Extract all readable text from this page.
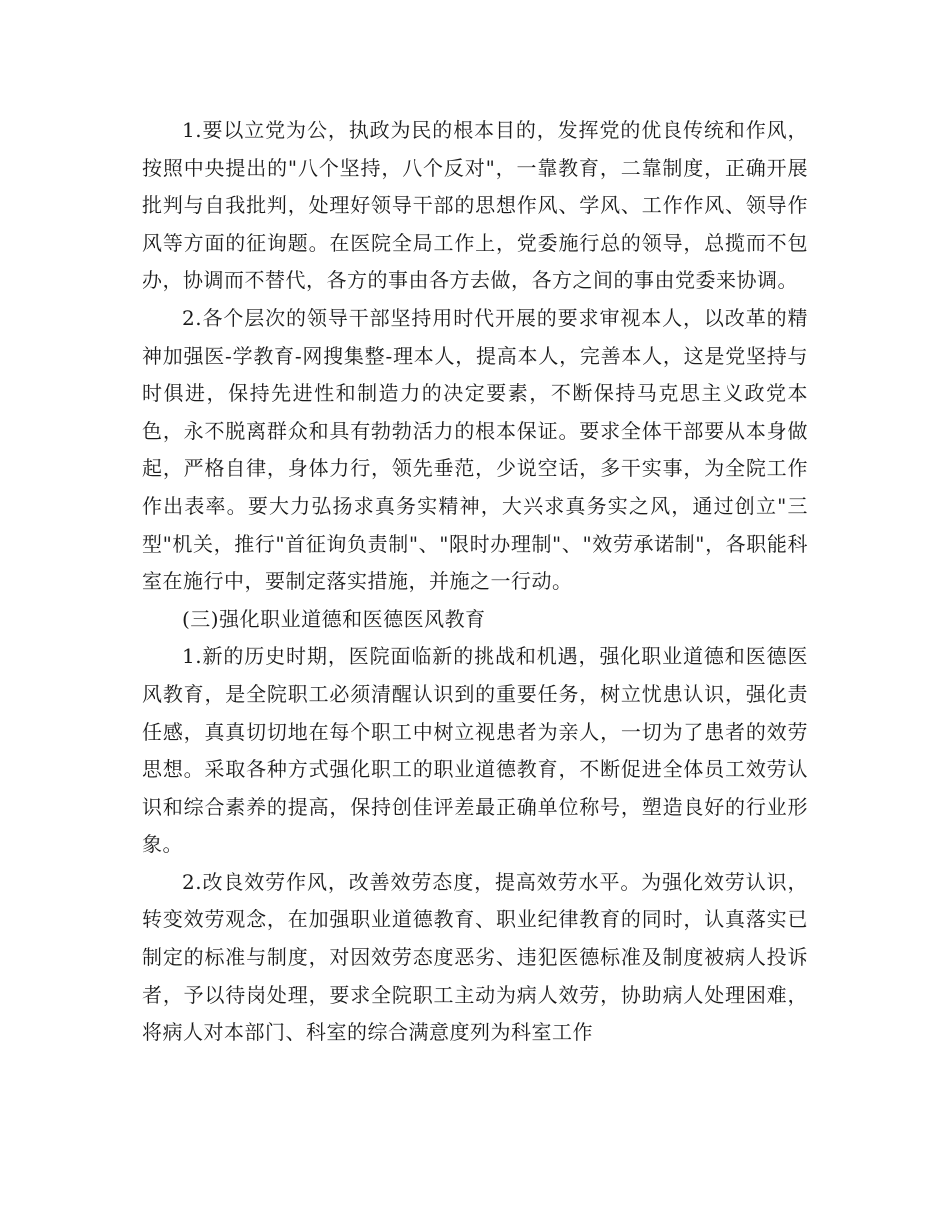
1.要以立党为公，执政为民的根本目的，发挥党的优良传统和作风，按照中央提出的"八个坚持，八个反对"，一靠教育，二靠制度，正确开展批判与自我批判，处理好领导干部的思想作风、学风、工作作风、领导作风等方面的征询题。在医院全局工作上，党委施行总的领导，总揽而不包办，协调而不替代，各方的事由各方去做，各方之间的事由党委来协调。

2.各个层次的领导干部坚持用时代开展的要求审视本人，以改革的精神加强医-学教育-网搜集整-理本人，提高本人，完善本人，这是党坚持与时俱进，保持先进性和制造力的决定要素，不断保持马克思主义政党本色，永不脱离群众和具有勃勃活力的根本保证。要求全体干部要从本身做起，严格自律，身体力行，领先垂范，少说空话，多干实事，为全院工作作出表率。要大力弘扬求真务实精神，大兴求真务实之风，通过创立"三型"机关，推行"首征询负责制"、"限时办理制"、"效劳承诺制"，各职能科室在施行中，要制定落实措施，并施之一行动。

(三)强化职业道德和医德医风教育

1.新的历史时期，医院面临新的挑战和机遇，强化职业道德和医德医风教育，是全院职工必须清醒认识到的重要任务，树立忧患认识，强化责任感，真真切切地在每个职工中树立视患者为亲人，一切为了患者的效劳思想。采取各种方式强化职工的职业道德教育，不断促进全体员工效劳认识和综合素养的提高，保持创佳评差最正确单位称号，塑造良好的行业形象。

2.改良效劳作风，改善效劳态度，提高效劳水平。为强化效劳认识，转变效劳观念，在加强职业道德教育、职业纪律教育的同时，认真落实已制定的标准与制度，对因效劳态度恶劣、违犯医德标准及制度被病人投诉者，予以待岗处理，要求全院职工主动为病人效劳，协助病人处理困难，将病人对本部门、科室的综合满意度列为科室工作
